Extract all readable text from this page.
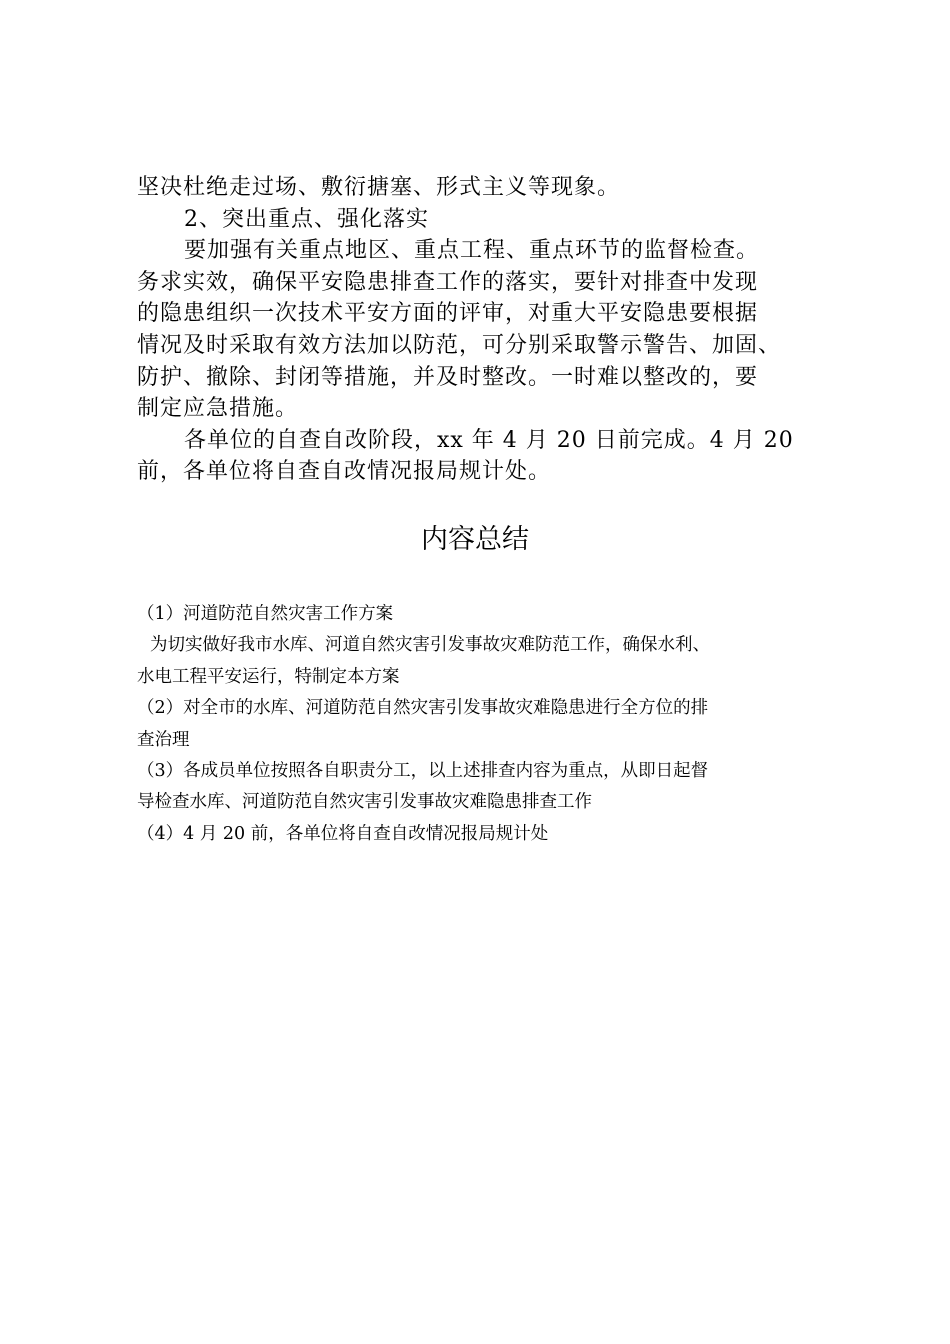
坚决杜绝走过场、敷衍搪塞、形式主义等现象。

2、突出重点、强化落实

要加强有关重点地区、重点工程、重点环节的监督检查。

务求实效，确保平安隐患排查工作的落实，要针对排查中发现

的隐患组织一次技术平安方面的评审，对重大平安隐患要根据

情况及时采取有效方法加以防范，可分别采取警示警告、加固、

防护、撤除、封闭等措施，并及时整改。一时难以整改的，要

制定应急措施。

各单位的自查自改阶段，xx 年 4 月 20 日前完成。4 月 20

前，各单位将自查自改情况报局规计处。

内容总结

（1）河道防范自然灾害工作方案

为切实做好我市水库、河道自然灾害引发事故灾难防范工作，确保水利、

水电工程平安运行，特制定本方案

（2）对全市的水库、河道防范自然灾害引发事故灾难隐患进行全方位的排

查治理

（3）各成员单位按照各自职责分工，以上述排查内容为重点，从即日起督

导检查水库、河道防范自然灾害引发事故灾难隐患排查工作

（4）4 月 20 前，各单位将自查自改情况报局规计处
